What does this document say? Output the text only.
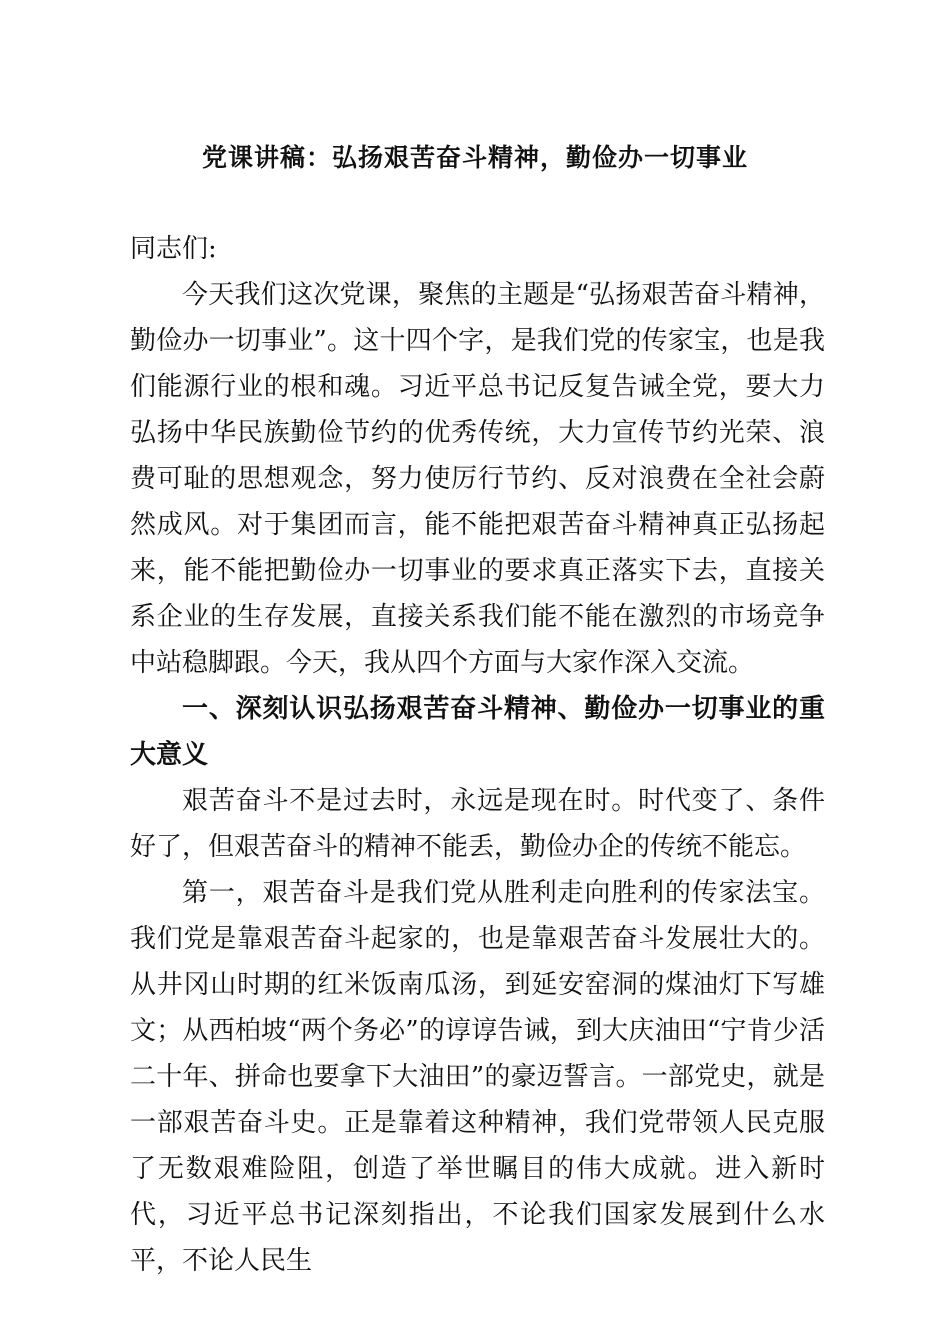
党课讲稿：弘扬艰苦奋斗精神，勤俭办一切事业

同志们:

今天我们这次党课，聚焦的主题是“弘扬艰苦奋斗精神，勤俭办一切事业”。这十四个字，是我们党的传家宝，也是我们能源行业的根和魂。习近平总书记反复告诫全党，要大力弘扬中华民族勤俭节约的优秀传统，大力宣传节约光荣、浪费可耻的思想观念，努力使厉行节约、反对浪费在全社会蔚然成风。对于集团而言，能不能把艰苦奋斗精神真正弘扬起来，能不能把勤俭办一切事业的要求真正落实下去，直接关系企业的生存发展，直接关系我们能不能在激烈的市场竞争中站稳脚跟。今天，我从四个方面与大家作深入交流。

一、深刻认识弘扬艰苦奋斗精神、勤俭办一切事业的重大意义

艰苦奋斗不是过去时，永远是现在时。时代变了、条件好了，但艰苦奋斗的精神不能丢，勤俭办企的传统不能忘。

第一，艰苦奋斗是我们党从胜利走向胜利的传家法宝。我们党是靠艰苦奋斗起家的，也是靠艰苦奋斗发展壮大的。从井冈山时期的红米饭南瓜汤，到延安窑洞的煤油灯下写雄文；从西柏坡“两个务必”的谆谆告诫，到大庆油田“宁肯少活二十年、拼命也要拿下大油田”的豪迈誓言。一部党史，就是一部艰苦奋斗史。正是靠着这种精神，我们党带领人民克服了无数艰难险阻，创造了举世瞩目的伟大成就。进入新时代，习近平总书记深刻指出，不论我们国家发展到什么水平，不论人民生
